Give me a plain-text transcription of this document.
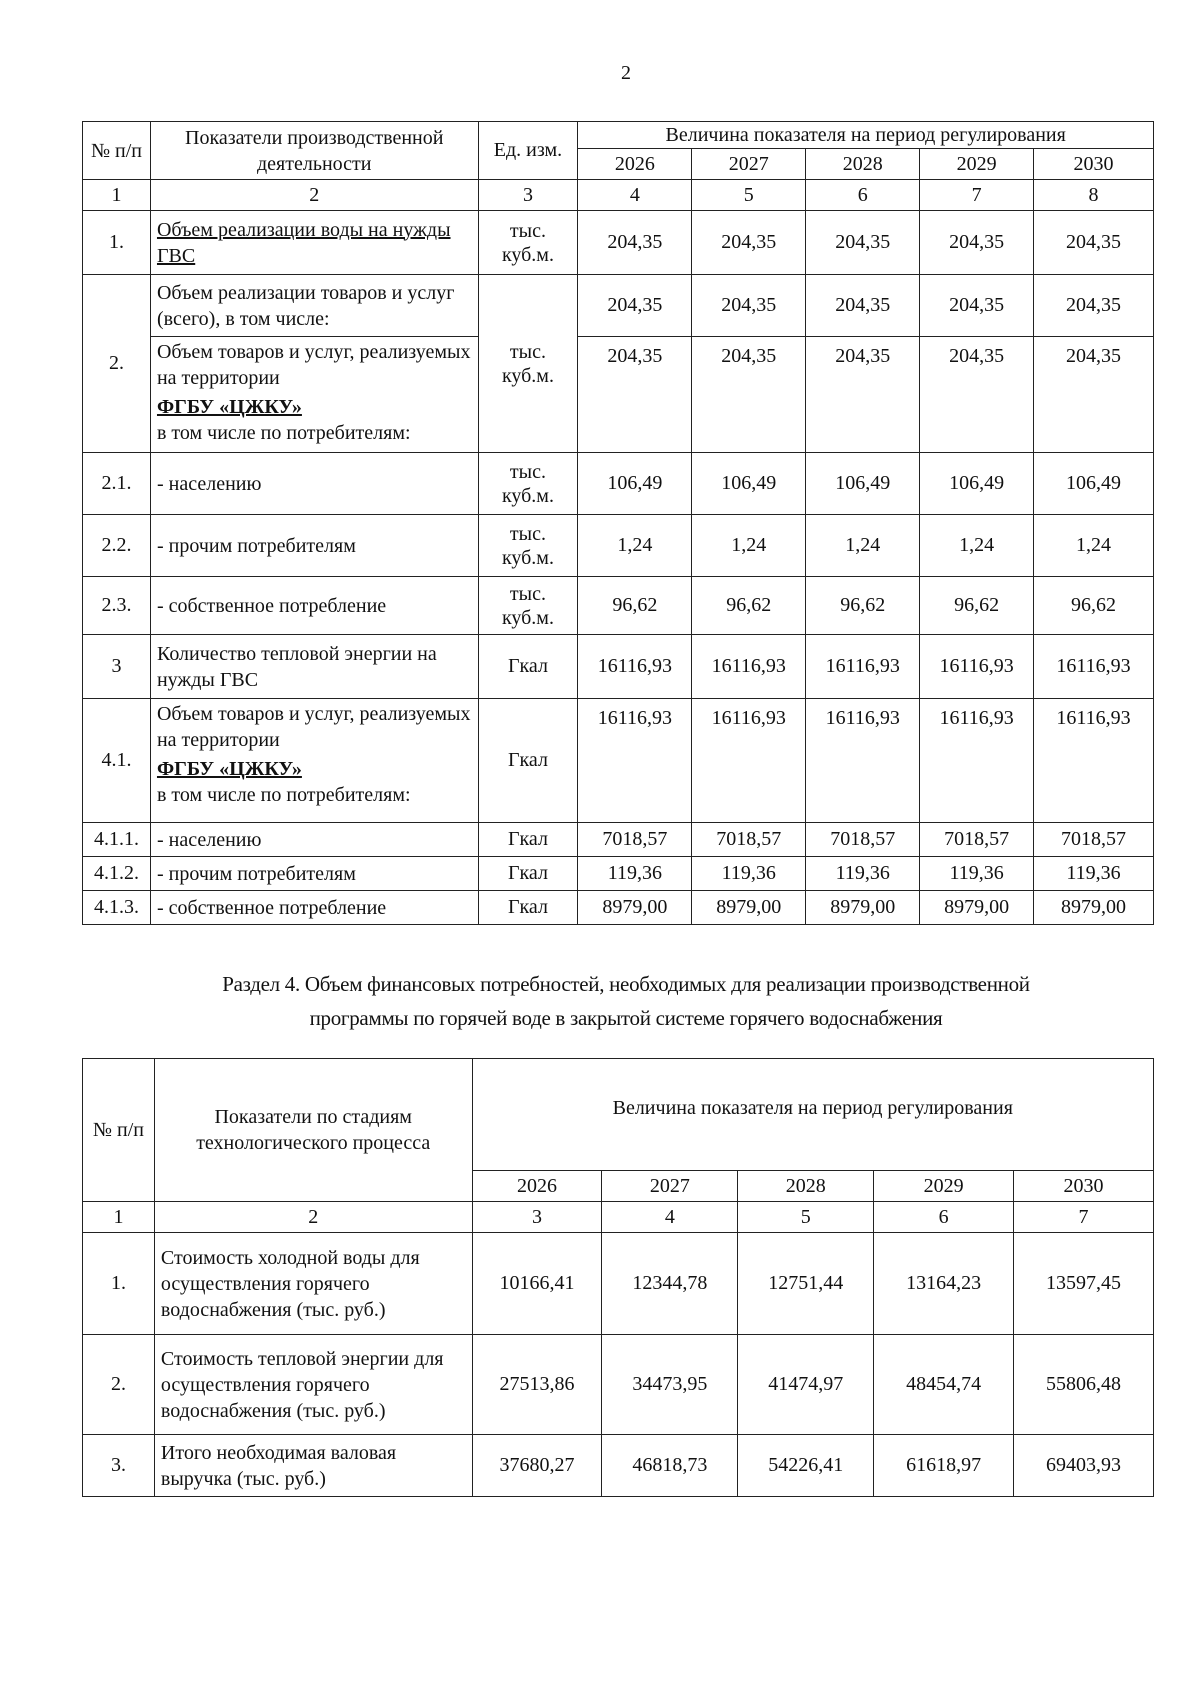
2
№ п/п	Показатели производственной деятельности	Ед. изм.	Величина показателя на период регулирования				
			2026	2027	2028	2029	2030
1	2	3	4	5	6	7	8
1.	Объем реализации воды на нужды ГВС	тыс. куб.м.	204,35	204,35	204,35	204,35	204,35
2.	Объем реализации товаров и услуг (всего), в том числе:	тыс. куб.м.	204,35	204,35	204,35	204,35	204,35

	Объем товаров и услуг, реализуемых на территории
ФГБУ «ЦЖКУ»
в том числе по потребителям:		204,35	204,35	204,35	204,35	204,35
2.1.	- населению	тыс. куб.м.	106,49	106,49	106,49	106,49	106,49
2.2.	- прочим потребителям	тыс. куб.м.	1,24	1,24	1,24	1,24	1,24
2.3.	- собственное потребление	тыс. куб.м.	96,62	96,62	96,62	96,62	96,62
3	Количество тепловой энергии на нужды ГВС	Гкал	16116,93	16116,93	16116,93	16116,93	16116,93
4.1.	Объем товаров и услуг, реализуемых на территории
ФГБУ «ЦЖКУ»
в том числе по потребителям:	Гкал	16116,93	16116,93	16116,93	16116,93	16116,93
4.1.1.	- населению	Гкал	7018,57	7018,57	7018,57	7018,57	7018,57
4.1.2.	- прочим потребителям	Гкал	119,36	119,36	119,36	119,36	119,36
4.1.3.	- собственное потребление	Гкал	8979,00	8979,00	8979,00	8979,00	8979,00
Раздел 4. Объем финансовых потребностей, необходимых для реализации производственной
программы по горячей воде в закрытой системе горячего водоснабжения
№ п/п	Показатели по стадиям технологического процесса	Величина показателя на период регулирования				
		2026	2027	2028	2029	2030
1	2	3	4	5	6	7
1.	Стоимость холодной воды для осуществления горячего водоснабжения (тыс. руб.)	10166,41	12344,78	12751,44	13164,23	13597,45
2.	Стоимость тепловой энергии для осуществления горячего водоснабжения (тыс. руб.)	27513,86	34473,95	41474,97	48454,74	55806,48
3.	Итого необходимая валовая выручка (тыс. руб.)	37680,27	46818,73	54226,41	61618,97	69403,93
